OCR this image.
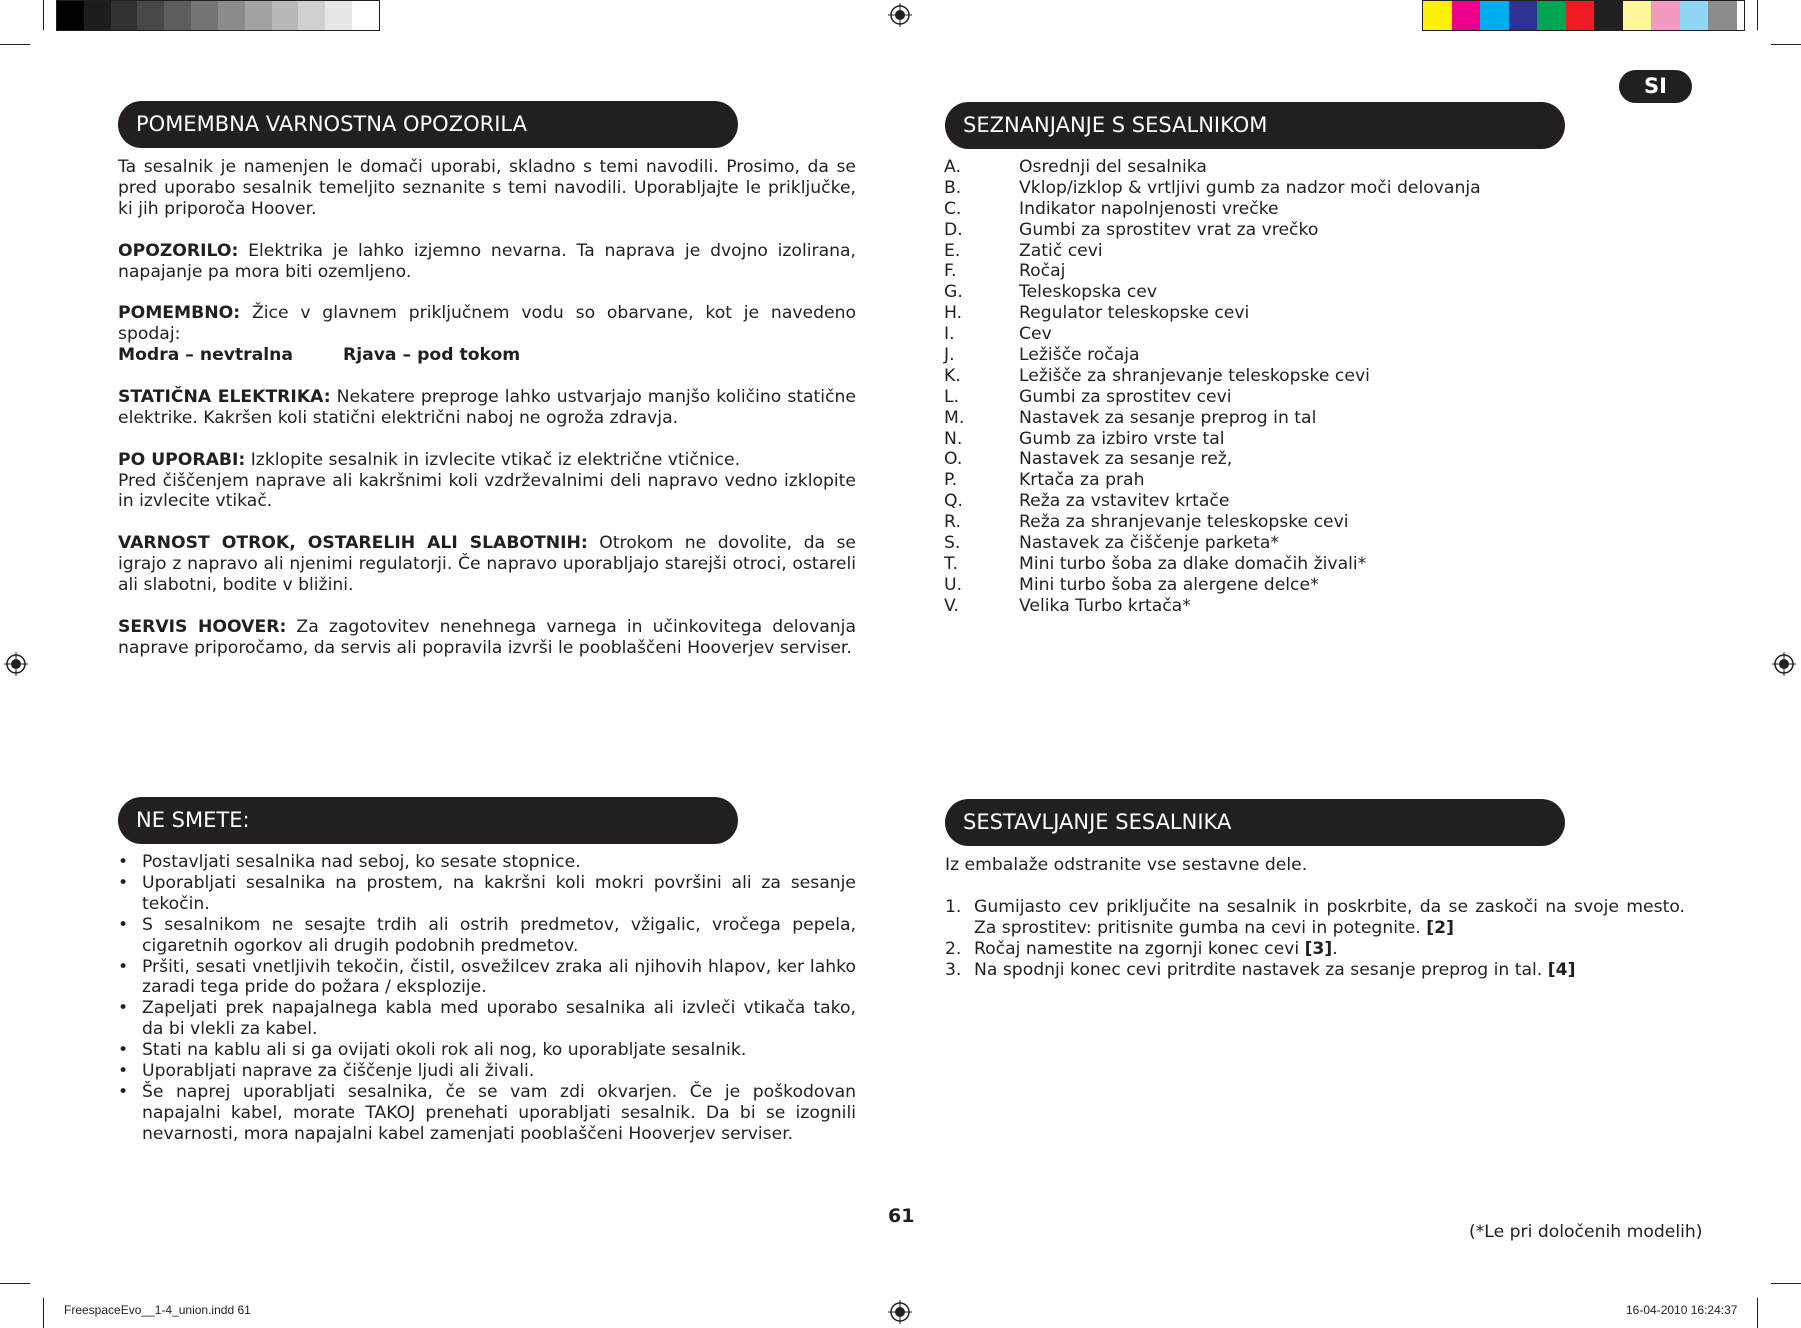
SI
POMEMBNA VARNOSTNA OPOZORILA

Ta sesalnik je namenjen le domači uporabi, skladno s temi navodili. Prosimo, da se pred uporabo sesalnik temeljito seznanite s temi navodili. Uporabljajte le priključke, ki jih priporoča Hoover.

OPOZORILO: Elektrika je lahko izjemno nevarna. Ta naprava je dvojno izolirana, napajanje pa mora biti ozemljeno.

POMEMBNO: Žice v glavnem priključnem vodu so obarvane, kot je navedeno spodaj:

Modra – nevtralna	Rjava – pod tokom

STATIČNA ELEKTRIKA: Nekatere preproge lahko ustvarjajo manjšo količino statične elektrike. Kakršen koli statični električni naboj ne ogroža zdravja.

PO UPORABI: Izklopite sesalnik in izvlecite vtikač iz električne vtičnice.

Pred čiščenjem naprave ali kakršnimi koli vzdrževalnimi deli napravo vedno izklopite in izvlecite vtikač.

VARNOST OTROK, OSTARELIH ALI SLABOTNIH: Otrokom ne dovolite, da se igrajo z napravo ali njenimi regulatorji. Če napravo uporabljajo starejši otroci, ostareli ali slabotni, bodite v bližini.

SERVIS HOOVER: Za zagotovitev nenehnega varnega in učinkovitega delovanja naprave priporočamo, da servis ali popravila izvrši le pooblaščeni Hooverjev serviser.

SEZNANJANJE S SESALNIKOM
A.	Osrednji del sesalnika
B.	Vklop/izklop & vrtljivi gumb za nadzor moči delovanja
C.	Indikator napolnjenosti vrečke
D.	Gumbi za sprostitev vrat za vrečko
E.	Zatič cevi
F.	Ročaj
G.	Teleskopska cev
H.	Regulator teleskopske cevi
I.	Cev
J.	Ležišče ročaja
K.	Ležišče za shranjevanje teleskopske cevi
L.	Gumbi za sprostitev cevi
M.	Nastavek za sesanje preprog in tal
N.	Gumb za izbiro vrste tal
O.	Nastavek za sesanje rež,
P.	Krtača za prah
Q.	Reža za vstavitev krtače
R.	Reža za shranjevanje teleskopske cevi
S.	Nastavek za čiščenje parketa*
T.	Mini turbo šoba za dlake domačih živali*
U.	Mini turbo šoba za alergene delce*
V.	Velika Turbo krtača*
NE SMETE:
• Postavljati sesalnika nad seboj, ko sesate stopnice.
• Uporabljati sesalnika na prostem, na kakršni koli mokri površini ali za sesanje tekočin.
• S sesalnikom ne sesajte trdih ali ostrih predmetov, vžigalic, vročega pepela, cigaretnih ogorkov ali drugih podobnih predmetov.
• Pršiti, sesati vnetljivih tekočin, čistil, osvežilcev zraka ali njihovih hlapov, ker lahko zaradi tega pride do požara / eksplozije.
• Zapeljati prek napajalnega kabla med uporabo sesalnika ali izvleči vtikača tako, da bi vlekli za kabel.
• Stati na kablu ali si ga ovijati okoli rok ali nog, ko uporabljate sesalnik.
• Uporabljati naprave za čiščenje ljudi ali živali.
• Še naprej uporabljati sesalnika, če se vam zdi okvarjen. Če je poškodovan napajalni kabel, morate TAKOJ prenehati uporabljati sesalnik. Da bi se izognili nevarnosti, mora napajalni kabel zamenjati pooblaščeni Hooverjev serviser.
SESTAVLJANJE SESALNIKA
Iz embalaže odstranite vse sestavne dele.
1. Gumijasto cev priključite na sesalnik in poskrbite, da se zaskoči na svoje mesto. Za sprostitev: pritisnite gumba na cevi in potegnite. [2]
2. Ročaj namestite na zgornji konec cevi [3].
3. Na spodnji konec cevi pritrdite nastavek za sesanje preprog in tal. [4]
61
(*Le pri določenih modelih)
FreespaceEvo__1-4_union.indd 61	16-04-2010 16:24:37
